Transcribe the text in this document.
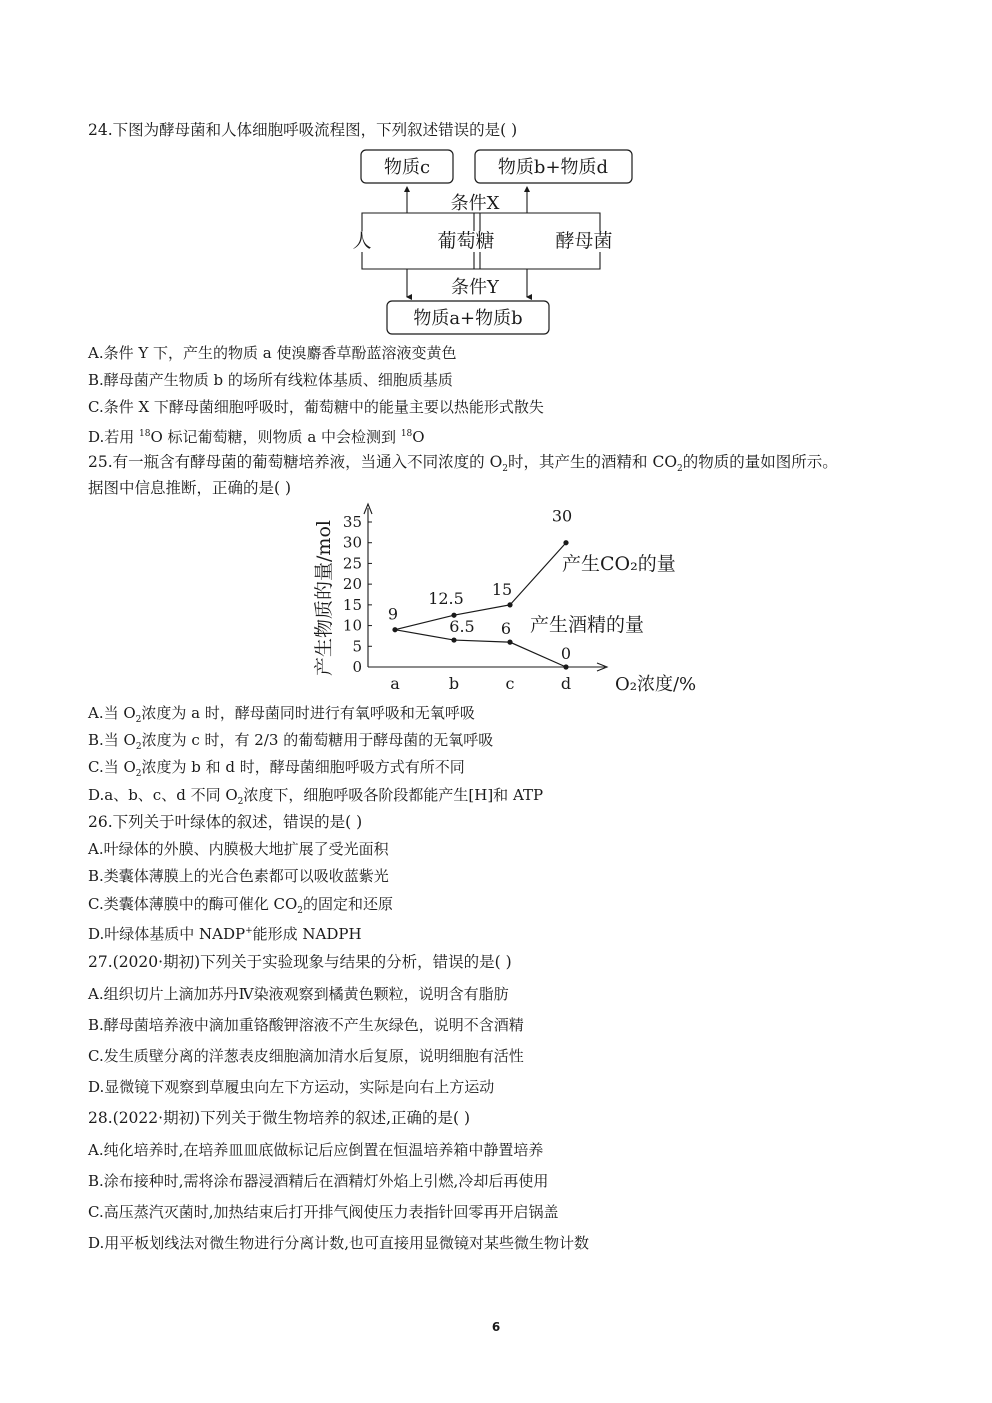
24.下图为酵母菌和人体细胞呼吸流程图，下列叙述错误的是( )
物质c	物质b+物质d
条件X
人	葡萄糖	酵母菌
条件Y
物质a+物质b
A.条件 Y 下，产生的物质 a 使溴麝香草酚蓝溶液变黄色
B.酵母菌产生物质 b 的场所有线粒体基质、细胞质基质
C.条件 X 下酵母菌细胞呼吸时，葡萄糖中的能量主要以热能形式散失
D.若用 $^{18}$O 标记葡萄糖，则物质 a 中会检测到 $^{18}$O
25.有一瓶含有酵母菌的葡萄糖培养液，当通入不同浓度的 $O_2$时，其产生的酒精和 $CO_2$的物质的量如图所示。
据图中信息推断，正确的是( )
产生物质的量/mol
O₂浓度/%
0
5
10
15
20
25
30
35
a	b	c	d
9
12.5 15
30
6.5 6
0
产生CO₂的量
产生酒精的量
A.当 $O_2$浓度为 a 时，酵母菌同时进行有氧呼吸和无氧呼吸
B.当 $O_2$浓度为 c 时，有 2/3 的葡萄糖用于酵母菌的无氧呼吸
C.当 $O_2$浓度为 b 和 d 时，酵母菌细胞呼吸方式有所不同
D.a、b、c、d 不同 $O_2$浓度下，细胞呼吸各阶段都能产生[H]和 ATP
26.下列关于叶绿体的叙述，错误的是( )
A.叶绿体的外膜、内膜极大地扩展了受光面积
B.类囊体薄膜上的光合色素都可以吸收蓝紫光
C.类囊体薄膜中的酶可催化 $CO_2$的固定和还原
D.叶绿体基质中 NADP+能形成 NADPH
27.(2020·期初)下列关于实验现象与结果的分析，错误的是( )
A.组织切片上滴加苏丹Ⅳ染液观察到橘黄色颗粒，说明含有脂肪
B.酵母菌培养液中滴加重铬酸钾溶液不产生灰绿色，说明不含酒精
C.发生质壁分离的洋葱表皮细胞滴加清水后复原，说明细胞有活性
D.显微镜下观察到草履虫向左下方运动，实际是向右上方运动
28.(2022·期初)下列关于微生物培养的叙述,正确的是( )
A.纯化培养时,在培养皿皿底做标记后应倒置在恒温培养箱中静置培养
B.涂布接种时,需将涂布器浸酒精后在酒精灯外焰上引燃,冷却后再使用
C.高压蒸汽灭菌时,加热结束后打开排气阀使压力表指针回零再开启锅盖
D.用平板划线法对微生物进行分离计数,也可直接用显微镜对某些微生物计数
6
